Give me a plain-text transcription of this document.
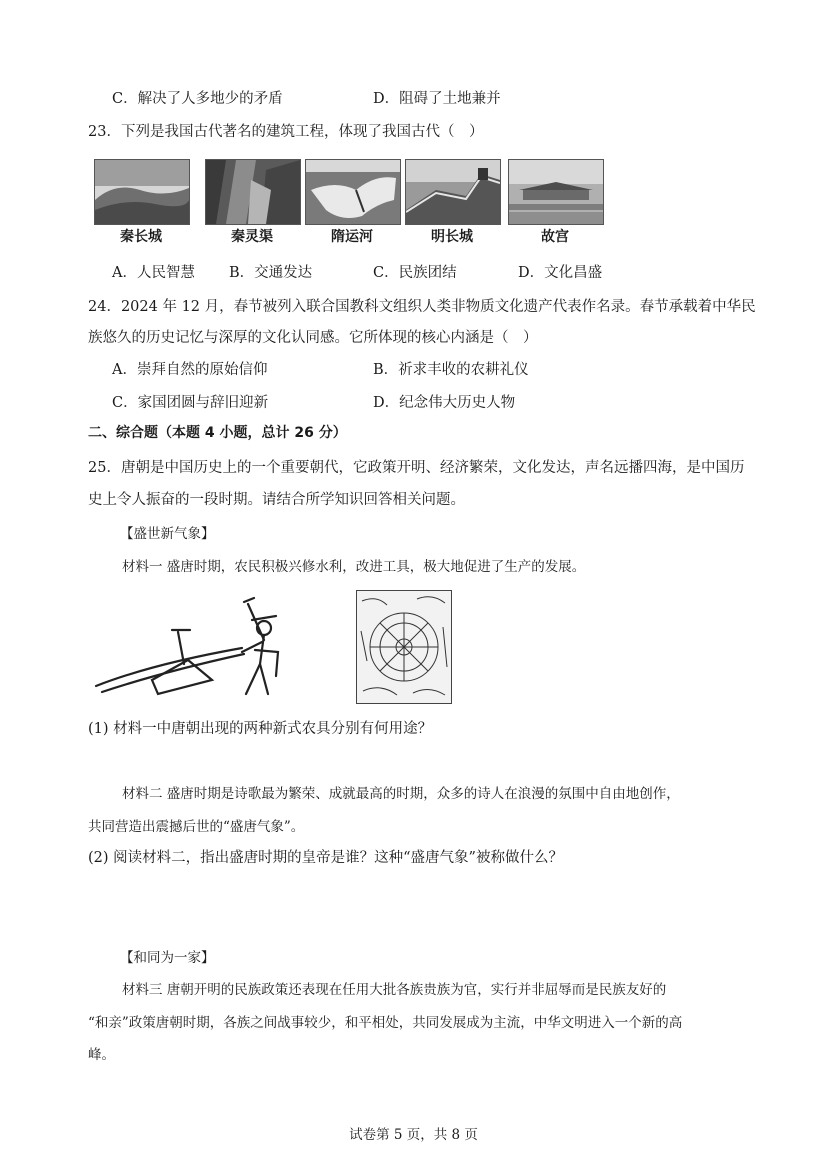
C．解决了人多地少的矛盾	D．阻碍了土地兼并
23．下列是我国古代著名的建筑工程，体现了我国古代（　）
秦长城	秦灵渠	隋运河	明长城	故宫
A．人民智慧 B．交通发达	C．民族团结	D．文化昌盛
24．2024 年 12 月，春节被列入联合国教科文组织人类非物质文化遗产代表作名录。春节承载着中华民
族悠久的历史记忆与深厚的文化认同感。它所体现的核心内涵是（　）
A．崇拜自然的原始信仰	B．祈求丰收的农耕礼仪
C．家国团圆与辞旧迎新	D．纪念伟大历史人物
二、综合题（本题 4 小题，总计 26 分）
25．唐朝是中国历史上的一个重要朝代，它政策开明、经济繁荣，文化发达，声名远播四海，是中国历
史上令人振奋的一段时期。请结合所学知识回答相关问题。
【盛世新气象】
材料一 盛唐时期，农民积极兴修水利，改进工具，极大地促进了生产的发展。
(1) 材料一中唐朝出现的两种新式农具分别有何用途？
材料二 盛唐时期是诗歌最为繁荣、成就最高的时期，众多的诗人在浪漫的氛围中自由地创作，
共同营造出震撼后世的“盛唐气象”。
(2) 阅读材料二，指出盛唐时期的皇帝是谁？这种“盛唐气象”被称做什么？
【和同为一家】
材料三 唐朝开明的民族政策还表现在任用大批各族贵族为官，实行并非屈辱而是民族友好的
“和亲”政策唐朝时期，各族之间战事较少，和平相处，共同发展成为主流，中华文明进入一个新的高
峰。
试卷第 5 页，共 8 页
